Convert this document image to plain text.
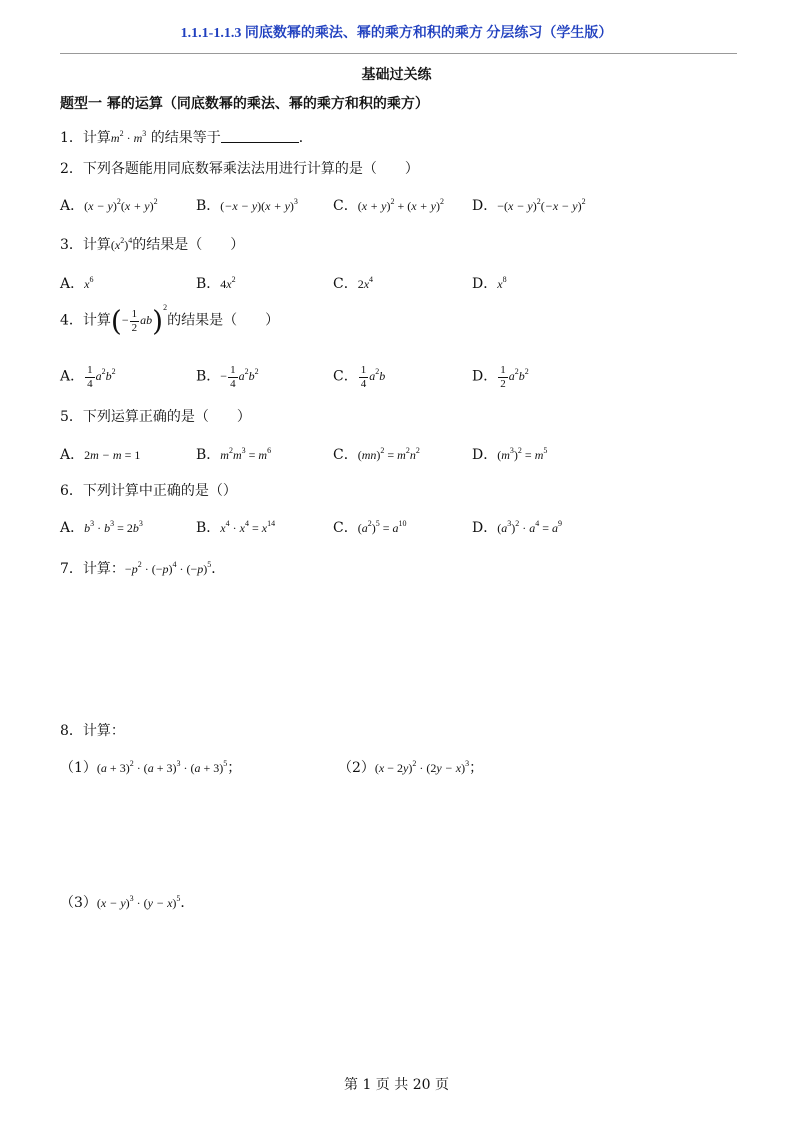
1.1.1-1.1.3 同底数幂的乘法、幂的乘方和积的乘方 分层练习（学生版）
基础过关练
题型一 幂的运算（同底数幂的乘法、幂的乘方和积的乘方）
1．计算$m^2 \cdot m^3$ 的结果等于	．
2．下列各题能用同底数幂乘法法用进行计算的是（　　）
A．$(x - y)^2(x + y)^2$	B．$(-x - y)(x + y)^3$	C．$(x + y)^2 + (x + y)^2$ D．$-(x - y)^2(-x - y)^2$
3．计算$(x^2)^4$的结果是（　　）
A．$x^6$	B．$4x^2$	C．$2x^4$	D．$x^8$
4．计算(− $\frac{1}{2} ab)^2$的结果是（　　）
A． $\frac{1}{4} a^2b^2$	B．− $\frac{1}{4} a^2b^2$	C． $\frac{1}{4} a^2b$	D． $\frac{1}{2} a^2b^2$
5．下列运算正确的是（　　）
A．2m − m = 1	B．$m^2m^3 = m^6$	C．$(mn)^2 = m^2n^2$	D．$(m^3)^2 = m^5$
6．下列计算中正确的是（）
A．$b^3 \cdot b^3 = 2b^3$	B．$x^4 \cdot x^4 = x^{14}$	C．$(a^2)^5 = a^{10}$	D．$(a^3)^2 \cdot a^4 = a^9$
7．计算：$-p^2 \cdot (-p)^4 \cdot (-p)^5$．
8．计算：
$(1)(a + 3)^2 \cdot (a + 3)^3 \cdot (a + 3)^5$；	$(2)(x - 2y)^2 \cdot (2y - x)^3$；
$(3)(x - y)^3 \cdot (y - x)^5$．
第 1 页 共 20 页
